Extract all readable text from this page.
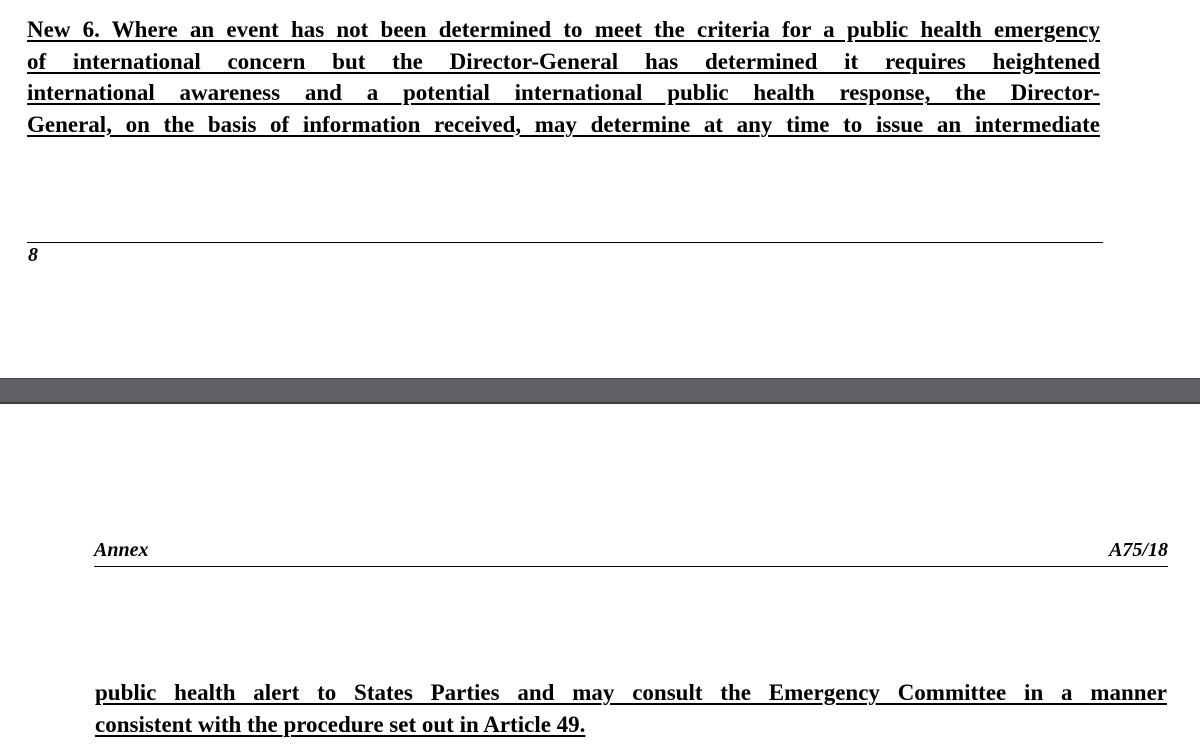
New 6. Where an event has not been determined to meet the criteria for a public health emergency
of international concern but the Director-General has determined it requires heightened
international awareness and a potential international public health response, the Director-
General, on the basis of information received, may determine at any time to issue an intermediate
8
Annex	A75/18
public health alert to States Parties and may consult the Emergency Committee in a manner
consistent with the procedure set out in Article 49.
